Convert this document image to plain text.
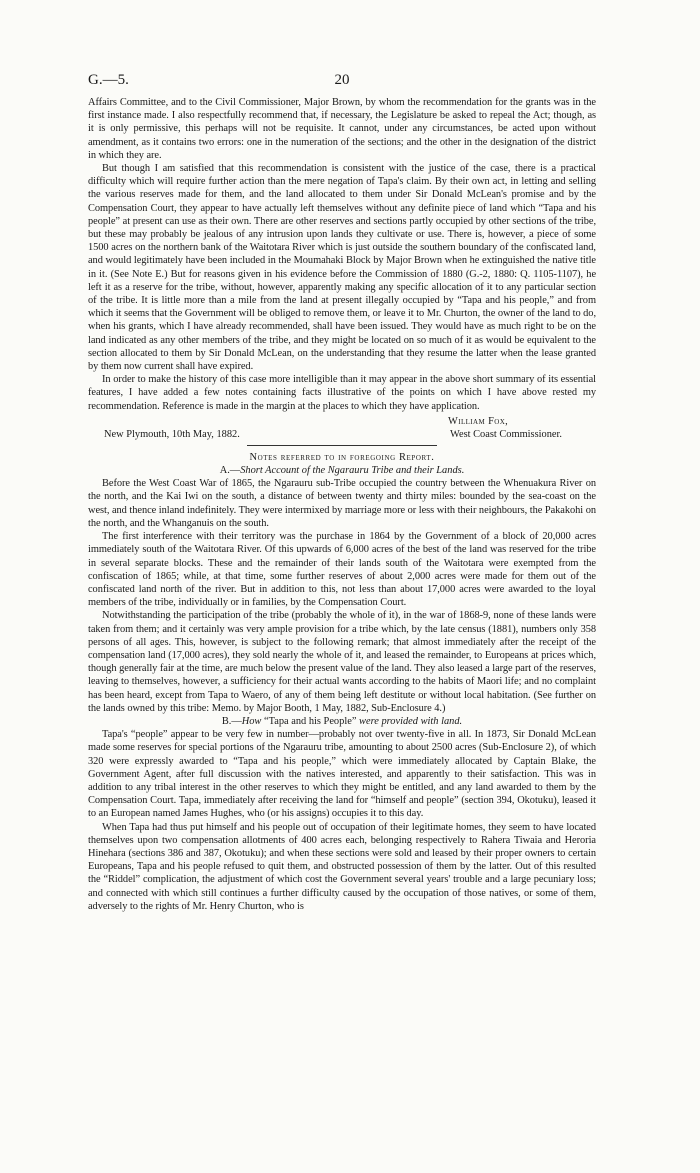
G.—5.	20

Affairs Committee, and to the Civil Commissioner, Major Brown, by whom the recommendation for the grants was in the first instance made. I also respectfully recommend that, if necessary, the Legislature be asked to repeal the Act; though, as it is only permissive, this perhaps will not be requisite. It cannot, under any circumstances, be acted upon without amendment, as it contains two errors: one in the numeration of the sections; and the other in the designation of the district in which they are.

But though I am satisfied that this recommendation is consistent with the justice of the case, there is a practical difficulty which will require further action than the mere negation of Tapa's claim. By their own act, in letting and selling the various reserves made for them, and the land allocated to them under Sir Donald McLean's promise and by the Compensation Court, they appear to have actually left themselves without any definite piece of land which “Tapa and his people” at present can use as their own. There are other reserves and sections partly occupied by other sections of the tribe, but these may probably be jealous of any intrusion upon lands they cultivate or use. There is, however, a piece of some 1500 acres on the northern bank of the Waitotara River which is just outside the southern boundary of the confiscated land, and would legitimately have been included in the Moumahaki Block by Major Brown when he extinguished the native title in it. (See Note E.) But for reasons given in his evidence before the Commission of 1880 (G.-2, 1880: Q. 1105-1107), he left it as a reserve for the tribe, without, however, apparently making any specific allocation of it to any particular section of the tribe. It is little more than a mile from the land at present illegally occupied by “Tapa and his people,” and from which it seems that the Government will be obliged to remove them, or leave it to Mr. Churton, the owner of the land to do, when his grants, which I have already recommended, shall have been issued. They would have as much right to be on the land indicated as any other members of the tribe, and they might be located on so much of it as would be equivalent to the section allocated to them by Sir Donald McLean, on the understanding that they resume the latter when the lease granted by them now current shall have expired.

In order to make the history of this case more intelligible than it may appear in the above short summary of its essential features, I have added a few notes containing facts illustrative of the points on which I have above rested my recommendation. Reference is made in the margin at the places to which they have application.

William Fox,
New Plymouth, 10th May, 1882.	West Coast Commissioner.
Notes referred to in foregoing Report.
A.—Short Account of the Ngarauru Tribe and their Lands.

Before the West Coast War of 1865, the Ngarauru sub-Tribe occupied the country between the Whenuakura River on the north, and the Kai Iwi on the south, a distance of between twenty and thirty miles: bounded by the sea-coast on the west, and thence inland indefinitely. They were intermixed by marriage more or less with their neighbours, the Pakakohi on the north, and the Whanganuis on the south.

The first interference with their territory was the purchase in 1864 by the Government of a block of 20,000 acres immediately south of the Waitotara River. Of this upwards of 6,000 acres of the best of the land was reserved for the tribe in several separate blocks. These and the remainder of their lands south of the Waitotara were exempted from the confiscation of 1865; while, at that time, some further reserves of about 2,000 acres were made for them out of the confiscated land north of the river. But in addition to this, not less than about 17,000 acres were awarded to the loyal members of the tribe, individually or in families, by the Compensation Court.

Notwithstanding the participation of the tribe (probably the whole of it), in the war of 1868-9, none of these lands were taken from them; and it certainly was very ample provision for a tribe which, by the late census (1881), numbers only 358 persons of all ages. This, however, is subject to the following remark; that almost immediately after the receipt of the compensation land (17,000 acres), they sold nearly the whole of it, and leased the remainder, to Europeans at prices which, though generally fair at the time, are much below the present value of the land. They also leased a large part of the reserves, leaving to themselves, however, a sufficiency for their actual wants according to the habits of Maori life; and no complaint has been heard, except from Tapa to Waero, of any of them being left destitute or without local habitation. (See further on the lands owned by this tribe: Memo. by Major Booth, 1 May, 1882, Sub-Enclosure 4.)

B.—How “Tapa and his People” were provided with land.

Tapa's “people” appear to be very few in number—probably not over twenty-five in all. In 1873, Sir Donald McLean made some reserves for special portions of the Ngarauru tribe, amounting to about 2500 acres (Sub-Enclosure 2), of which 320 were expressly awarded to “Tapa and his people,” which were immediately allocated by Captain Blake, the Government Agent, after full discussion with the natives interested, and apparently to their satisfaction. This was in addition to any tribal interest in the other reserves to which they might be entitled, and any land awarded to them by the Compensation Court. Tapa, immediately after receiving the land for “himself and people” (section 394, Okotuku), leased it to an European named James Hughes, who (or his assigns) occupies it to this day.

When Tapa had thus put himself and his people out of occupation of their legitimate homes, they seem to have located themselves upon two compensation allotments of 400 acres each, belonging respectively to Rahera Tiwaia and Heroria Hinehara (sections 386 and 387, Okotuku); and when these sections were sold and leased by their proper owners to certain Europeans, Tapa and his people refused to quit them, and obstructed possession of them by the latter. Out of this resulted the “Riddel” complication, the adjustment of which cost the Government several years' trouble and a large pecuniary loss; and connected with which still continues a further difficulty caused by the occupation of those natives, or some of them, adversely to the rights of Mr. Henry Churton, who is
